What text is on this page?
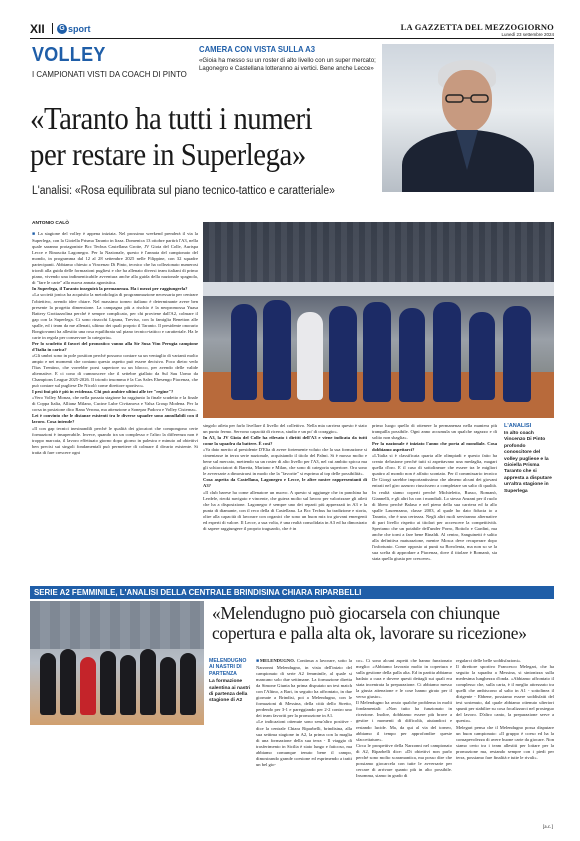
XII	G sport	LA GAZZETTA DEL MEZZOGIORNO
Lunedì 23 settembre 2024
VOLLEY
I CAMPIONATI VISTI DA COACH DI PINTO
CAMERA CON VISTA SULLA A3
«Gioia ha messo su un roster di alto livello con un super mercato; Lagonegro e Castellana lotteranno ai vertici. Bene anche Lecce»
«Taranto ha tutti i numeri
per restare in Superlega»
L'analisi: «Rosa equilibrata sul piano tecnico-tattico e caratteriale»
ANTONIO CALÒ

■ La stagione del volley è appena iniziata. Nel prossimo weekend prenderà il via la Superlega, con la Gioiella Prisma Taranto in lizza. Domenica 13 ottobre partirà l'A3, nella quale saranno protagoniste Bcc Tecbus Castellana Grotte, JV Gioia del Colle, Aurispa Lecce e Rinascita Lagonegro. Per la Nazionale, questo è l'annata del campionato del mondo, in programma dal 12 al 28 settembre 2025 nelle Filippine, con 32 squadre partecipanti. Abbiamo chiesto a Vincenzo Di Pinto, tecnico che ha collezionato numerosi trionfi alla guida delle formazioni pugliesi e che ha allenato diversi team italiani di primo piano, vivendo una indimenticabile avventura anche alla guida della nazionale spagnola, di "fare le carte" alla nuova annata agonistica.

In Superlega, il Taranto inseguirà la permanenza. Ha i mezzi per raggiungerla?

«La società jonica ha acquisito la metodologia di programmazione necessaria per centrare l'obiettivo, avendo idee chiare. Nel massimo torneo italiano è determinante avere ben presente la progetta dimensione. La campagna più a rischio è la neopromossa Yuasa Battery Grottazzolina perché è sempre complicato, per chi proviene dall'A2, colmare il gap con la Superlega. Ci sono rinacchi Lipuna, Treviso, con la famiglia Benetton alle spalle, ed i team da me allenati, ultimo dei quali proprio il Taranto. Il presidente onorario Bongiovanni ha allestito una rosa equilibrata sul piano tecnico-tattico e caratteriale. Ha le carte in regola per conservare la categoria».

Per lo scudetto il favori del pronostico vanno alla Sir Susa Vim Perugia campione d'Italia in carica?

«Gli umbri sono in pole position perché possono contare su un ventaglio di varianti molto ampio e nei momenti che contano questo aspetto può essere decisivo. Poco dietro vedo l'Itas Trentino, che vorrebbe porsi superiore su un blocco, per avendo delle valide alternative. E ci cono di cumnoscere che il settebre giallato da Sul Sau Uomo da Champions League 2025-2026. Il trionfo insomma è la Cas Sales Ehesengo Piacenza, che può contare sul pugliese De Nicolò come direttore sportivo».

I pesi fmi più è più in evidenza. Chi può ambire ultimi alle tre "regine"?

«Vero Volley Monza, che nella passata stagione ha raggiunto la finale scudetto e la finale di Coppa Italia, Allianz Milano, Cucine Lube Civitanova e Valsa Group Modena. Per la corsa in posizione dico Rana Verona, ma attenzione a Sonepar Padova e Volley Cisterna».

Lei è convinto che le distanze esistenti tra le diverse squadre sono annullabili con il lavoro. Cosa intende?

«Il con gap tecnici inesinandili perché le qualità dei giocatori che compongono certe formazioni è insuperabile. Invece, quando tra un complesso e l'altro la differenza non è troppo marcata, il lavoro effettuato giorno dopo giorno in palestra e minuto ad obiettivi ben precisi sui singoli fondamentali può permettere di colmare il divario esistente. Si tratta di fare crescere ogni

singolo atleta per farlo livellare il livello del collettivo. Nella mia carriera questo è stato un punto fermo. Servono capacità di ricerca, studio e un po' di coraggio».

In A3, la JV Gioia del Colle ha rilevato i diritti dell'A3 e viene indicata da tutti come la squadra da battere. È così?

«Va dato merito al presidente D'Elia di avere fortemente voluto che la sua formazione si cimentasse in terza serie nazionale, acquistando il titolo del Palmi. Si è mosso molto e bene sul mercato, mettendo su un roster di alto livello per l'A3, nel cui ambito spicca ma gli schiacciatori di Baretta, Mariano e Milan, che sono di categoria superiore. Ora sono le avversarie a dimostrarsi in modo che la "favorite" si esprima al top delle possibilità».

Cosa aspetta da Castellana, Lagonegro e Lecce, le altre nostre rappresentanti di A3?

«Il club barese ha come allenatore un nuovo. A questo si aggiunge che in panchina ha Lerdele, rieoki navigato e vincente, che guiera molto sul lavoro per valorizzare gli atleti che ha a disposizione. Lagonegro è sempre uno dei reparti più apprezzati in A3 e la punta di diamante, con il reco della di Castellana. La Bcc Tecbus ha tradizione e storia, oltre alla capacità di lavorare con organici che sono un buon mix tra giovani emergenti ed esperti di valore. Il Lecce, a sua volta, è una realtà consolidata in A3 ed ha dimostrato di sapere raggiungere il proprio traguardo, che è in

primo luogo quello di ottenere la permanenza nella maniera più tranquilla possibile. Ogni anno accumula un qualche ragazzo e di solito non sbaglia».

Per la nazionale è iniziato l'anno che porta al mondiale. Cosa dobbiamo aspettarci?

«L'Italia si è classificata quarta alle olimpiadi e questo fatto ha creato delusione perché tutti si aspettavano una medaglia, magari quella d'oro. E il caso di sottolineare che essere tra le migliori quattro al mondo non è affatto scontato. Per il commissario tecnico De Giorgi sarebbe importantissimo che almeno alcuni dei giovani entrati nel giro azzurro riuscissero a completare un salto di qualità. In realtà siamo coperti perché Michieletto, Russo, Romanò, Giannelli, e gli altri ha con i mondiali. Lo stesso Anzani per il ruolo di libero perché Balaso e nel pieno della sua carriera ed fa allo spalle Laurenzano, classe 2003, al quale ho dato fiducia io a Taranto, che è una certezza. Negli altri ruoli serviranno alternative di pari livello rispetto ai titolari per accrescere la competitività. Speriamo che un potabile dell'under Porro, Bottolo e Gardini, ma anche che torni a fare bene Rinaldi. Al centro, Sanguinetti è salito alla definitiva maturazione, mentre Mosca deve recuperare dopo l'infortunio. Come opposto ai punti su Bovolenta, ma non so se la sua scelta di approdare a Piacenza, dove il titolare è Romanò, sia stata quella giusta per crescere».

L'ANALISI
In alto coach Vincenzo Di Pinto profondo conoscitore del volley pugliese e la Gioiella Prisma Taranto che si appresta a disputare un'altra stagione in Superlega
SERIE A2 FEMMINILE, L'ANALISI DELLA CENTRALE BRINDISINA CHIARA RIPARBELLI
«Melendugno può giocarsela con chiunque copertura e palla alta ok, lavorare su ricezione»
MELENDUGNO AI NASTRI DI PARTENZA
La formazione salentina ai nastri di partenza della stagione di A2

■MELENDUGNO. Continua a lavorare, sotto la Narzonni Melendugno, in vista dell'inizio del campionato di serie A2 femminile, al quale si mancano solo due settimane. La formazione diretta da Simone Giunta ha prima disputato un test match con l'Altino, a Bari, in seguito ha affrontato, in due giornate a Brindisi, poi a Melendugno, con le formazioni di Messina, della città dello Stretto, perdendo per 3-1 e pareggiando per 2-2 contro uno dei team favoriti per la promozione in A1.

«Le indicazioni ottenute sono senz'altro positive - dice la centrale Chiara Riparbelli, brindisina, alla sua settima stagione in A2, la prima con la maglia di una formazione della sua terra - Il viaggio di trasferimento in Sicilia è stato lungo e faticoso, ma abbiamo comunque tenuto bene il campo, dimostrando grande coesione ed esprimendo a tratti un bel gio-

co». Ci sono alcuni aspetti che hanno funzionato meglio: «Abbiamo lavorato molto in copertura e sulla gestione della palla alta. Ed in partita abbiamo badato a cura e dovere questi dettagli sui quali era stata incentrata la preparazione. Ci abbiamo messo la giusta attenzione e le cose hanno girato per il verso giusto».

Il Melendugno ha avuto qualche problema in molti fondamentali: «Non tutto ha funzionato in ricezione. Inoltre, dobbiamo essere più brave a gestire i momenti di difficoltà, aiutandoci e restando lucide. Ma, da qui al via del torneo, abbiamo il tempo per approfondire queste sfaccettature».

Circa le prospettive della Narzonni nel campionato di A2, Riparbelli dice: «Di obiettivi non parlo perché sono molto scaramantica, ma posso dire che possiamo giocarcela con tutte le avversarie per cercare di arrivare quanto più in alto possibile. Insomma, siamo in grado di

regalarci delle belle soddisfazioni».

Il direttore sportivo Francesco Melegari, che ha seguito la squadra a Messina, si sintonizza sulla medesima lunghezza d'onda. «Abbiamo affrontato il complesso che, sulla carta, è il meglio attrezzato tra quelli che ambiscono al salto in A1 - sottolinea il dirigente - Ebbene, possiamo essere soddisfatti del test sostenuto, dal quale abbiamo ottenuto ulteriori spunti per stabilire su cosa focalizzarci nel prosieguo del lavoro. D'altro canto, la preparazione serve a questo».

Melegari pensa che il Melendugno possa disputare un buon campionato: «Il gruppo è coeso ed ha la consapevolezza di avere buone carte da giocare. Non siamo certo tra i team allestiti per lottare per la promozione ma, restando sempre con i piedi per terra, possiamo fare finalità e tutte le rivali».

[a.c.]
